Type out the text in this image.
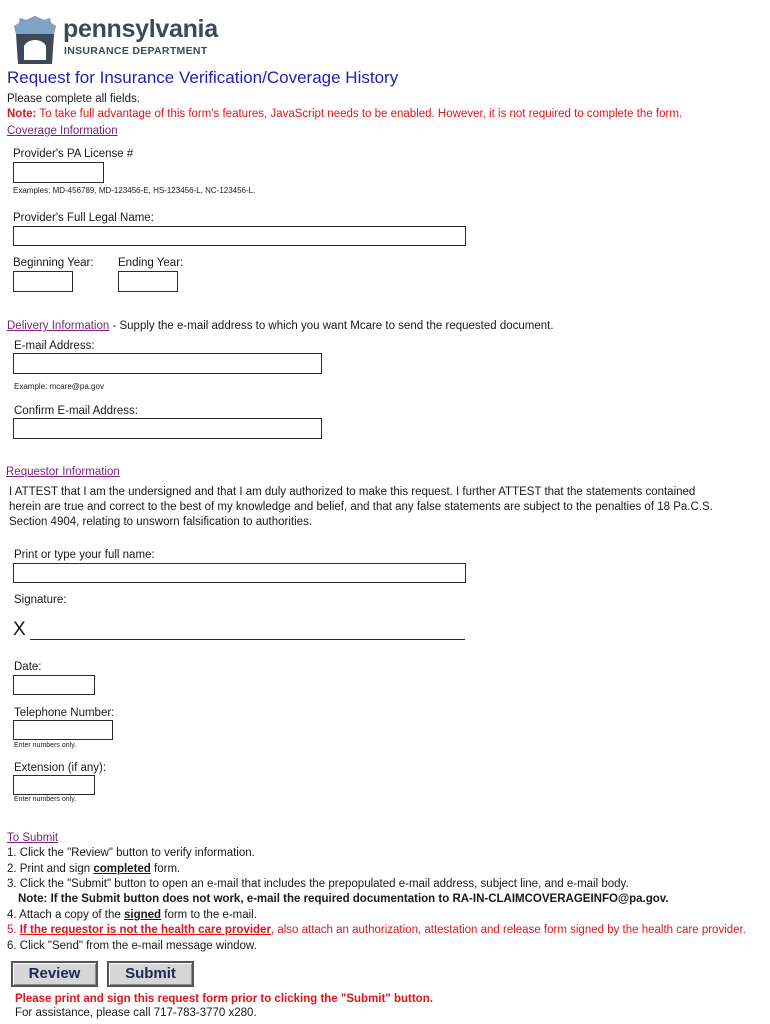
pennsylvania
INSURANCE DEPARTMENT
Request for Insurance Verification/Coverage History
Please complete all fields.
Note: To take full advantage of this form's features, JavaScript needs to be enabled. However, it is not required to complete the form.
Coverage Information
Provider's PA License #
Examples: MD-456789, MD-123456-E, HS-123456-L, NC-123456-L.
Provider's Full Legal Name:
Beginning Year: Ending Year:
Delivery Information - Supply the e-mail address to which you want Mcare to send the requested document.
E-mail Address:
Example: mcare@pa.gov
Confirm E-mail Address:
Requestor Information
I ATTEST that I am the undersigned and that I am duly authorized to make this request. I further ATTEST that the statements contained
herein are true and correct to the best of my knowledge and belief, and that any false statements are subject to the penalties of 18 Pa.C.S.
Section 4904, relating to unsworn falsification to authorities.
Print or type your full name:
Signature:
X
Date:
Telephone Number:
Enter numbers only.
Extension (if any):
Enter numbers only.
To Submit
1. Click the "Review" button to verify information.
2. Print and sign completed form.
3. Click the "Submit" button to open an e-mail that includes the prepopulated e-mail address, subject line, and e-mail body.
Note: If the Submit button does not work, e-mail the required documentation to RA-IN-CLAIMCOVERAGEINFO@pa.gov.
4. Attach a copy of the signed form to the e-mail.
5. If the requestor is not the health care provider, also attach an authorization, attestation and release form signed by the health care provider.
6. Click "Send" from the e-mail message window.
Review	Submit
Please print and sign this request form prior to clicking the "Submit" button.
For assistance, please call 717-783-3770 x280.
